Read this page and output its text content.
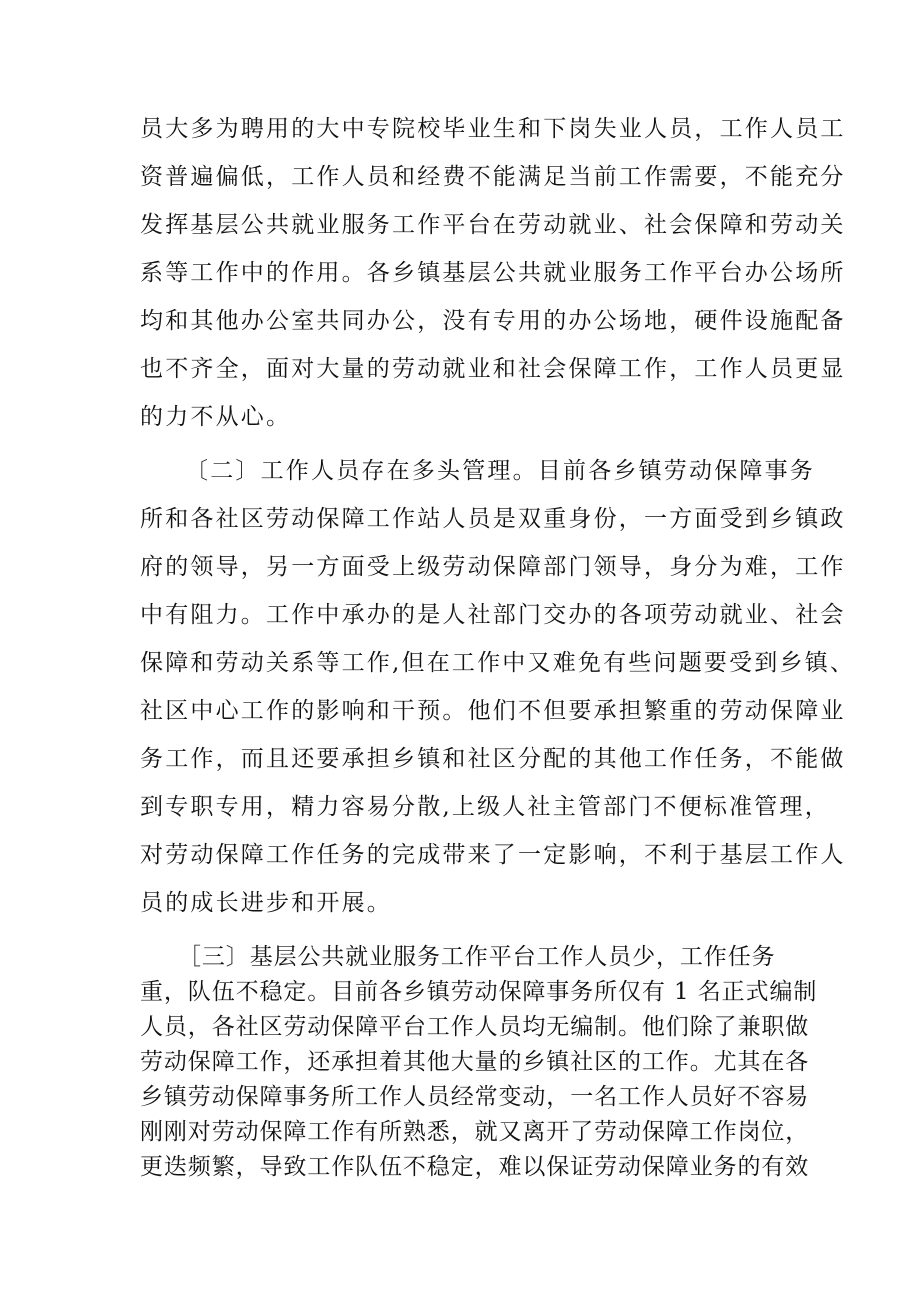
员大多为聘用的大中专院校毕业生和下岗失业人员，工作人员工
资普遍偏低，工作人员和经费不能满足当前工作需要，不能充分
发挥基层公共就业服务工作平台在劳动就业、社会保障和劳动关
系等工作中的作用。各乡镇基层公共就业服务工作平台办公场所
均和其他办公室共同办公，没有专用的办公场地，硬件设施配备
也不齐全，面对大量的劳动就业和社会保障工作，工作人员更显
的力不从心。
〔二〕工作人员存在多头管理。目前各乡镇劳动保障事务
所和各社区劳动保障工作站人员是双重身份，一方面受到乡镇政
府的领导，另一方面受上级劳动保障部门领导，身分为难，工作
中有阻力。工作中承办的是人社部门交办的各项劳动就业、社会
保障和劳动关系等工作,但在工作中又难免有些问题要受到乡镇、
社区中心工作的影响和干预。他们不但要承担繁重的劳动保障业
务工作，而且还要承担乡镇和社区分配的其他工作任务，不能做
到专职专用，精力容易分散,上级人社主管部门不便标准管理，
对劳动保障工作任务的完成带来了一定影响，不利于基层工作人
员的成长进步和开展。
［三〕基层公共就业服务工作平台工作人员少，工作任务
重，队伍不稳定。目前各乡镇劳动保障事务所仅有 1 名正式编制
人员，各社区劳动保障平台工作人员均无编制。他们除了兼职做
劳动保障工作，还承担着其他大量的乡镇社区的工作。尤其在各
乡镇劳动保障事务所工作人员经常变动，一名工作人员好不容易
刚刚对劳动保障工作有所熟悉，就又离开了劳动保障工作岗位，
更迭频繁，导致工作队伍不稳定，难以保证劳动保障业务的有效
